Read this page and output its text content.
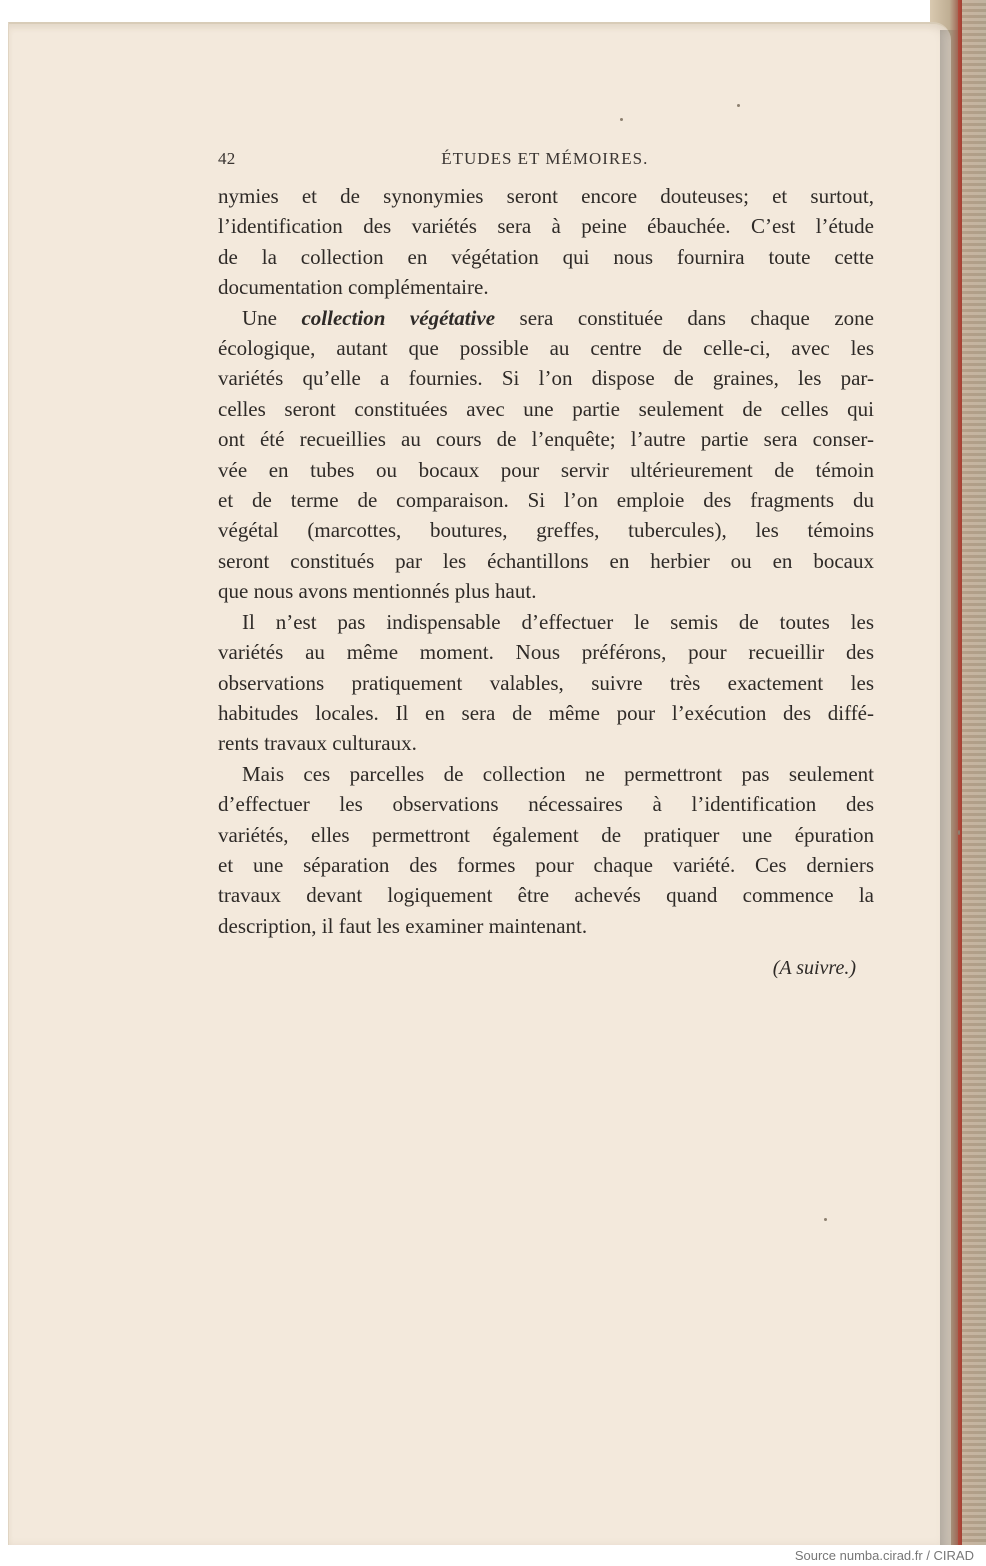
42	ÉTUDES ET MÉMOIRES.

nymies et de synonymies seront encore douteuses; et surtout,
l’identification des variétés sera à peine ébauchée. C’est l’étude
de la collection en végétation qui nous fournira toute cette
documentation complémentaire.

Une collection végétative sera constituée dans chaque zone
écologique, autant que possible au centre de celle-ci, avec les
variétés qu’elle a fournies. Si l’on dispose de graines, les par-
celles seront constituées avec une partie seulement de celles qui
ont été recueillies au cours de l’enquête; l’autre partie sera conser-
vée en tubes ou bocaux pour servir ultérieurement de témoin
et de terme de comparaison. Si l’on emploie des fragments du
végétal (marcottes, boutures, greffes, tubercules), les témoins
seront constitués par les échantillons en herbier ou en bocaux
que nous avons mentionnés plus haut.

Il n’est pas indispensable d’effectuer le semis de toutes les
variétés au même moment. Nous préférons, pour recueillir des
observations pratiquement valables, suivre très exactement les
habitudes locales. Il en sera de même pour l’exécution des diffé-
rents travaux culturaux.

Mais ces parcelles de collection ne permettront pas seulement
d’effectuer les observations nécessaires à l’identification des
variétés, elles permettront également de pratiquer une épuration
et une séparation des formes pour chaque variété. Ces derniers
travaux devant logiquement être achevés quand commence la
description, il faut les examiner maintenant.

(A suivre.)
Source numba.cirad.fr / CIRAD
